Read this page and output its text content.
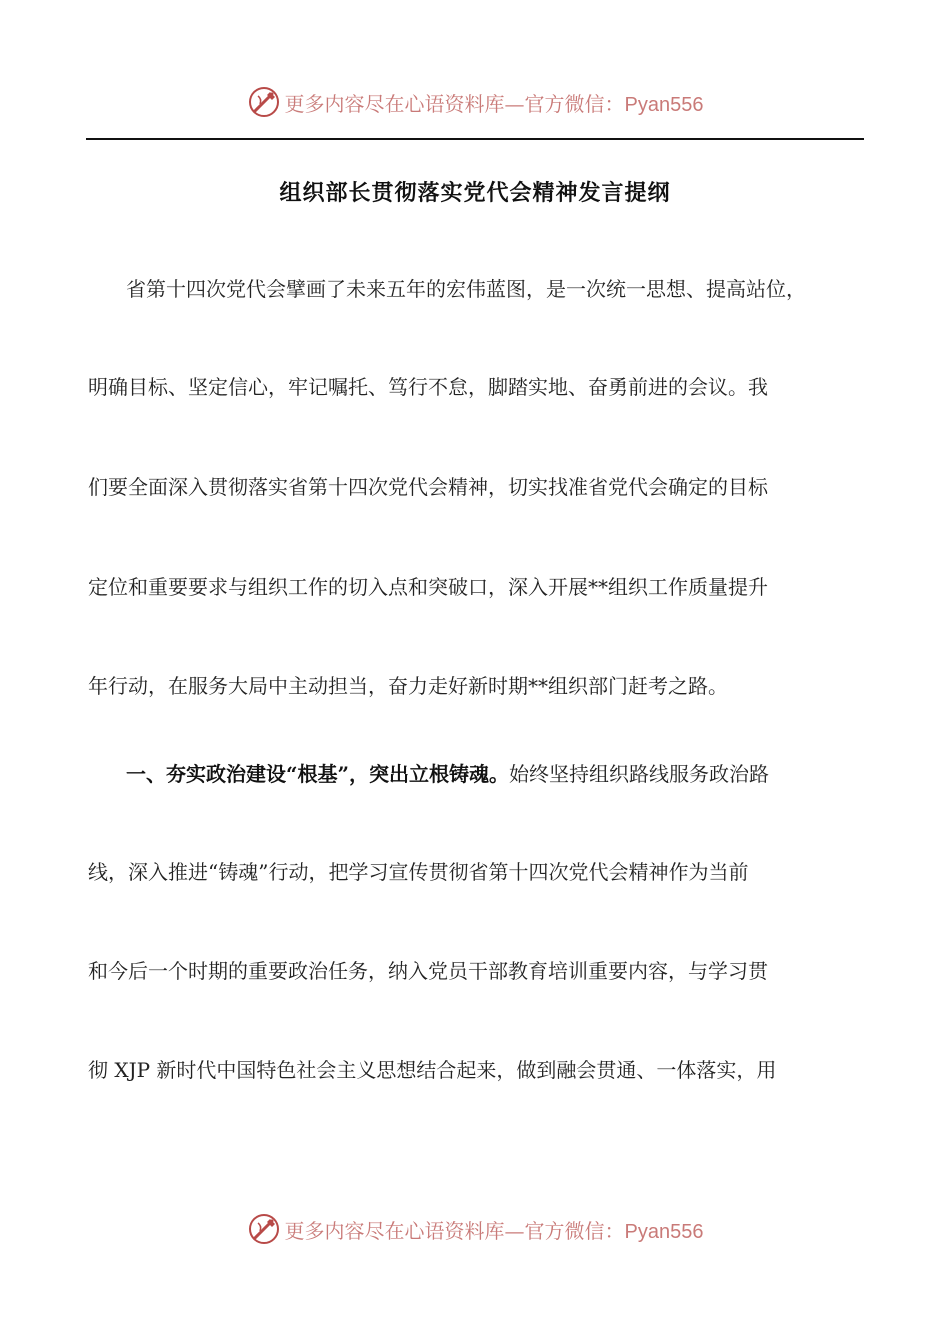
更多内容尽在心语资料库—官方微信：Pyan556
组织部长贯彻落实党代会精神发言提纲
省第十四次党代会擘画了未来五年的宏伟蓝图，是一次统一思想、提高站位，
明确目标、坚定信心，牢记嘱托、笃行不怠，脚踏实地、奋勇前进的会议。我
们要全面深入贯彻落实省第十四次党代会精神，切实找准省党代会确定的目标
定位和重要要求与组织工作的切入点和突破口，深入开展**组织工作质量提升
年行动，在服务大局中主动担当，奋力走好新时期**组织部门赶考之路。
一、夯实政治建设“根基”，突出立根铸魂。始终坚持组织路线服务政治路
线，深入推进“铸魂”行动，把学习宣传贯彻省第十四次党代会精神作为当前
和今后一个时期的重要政治任务，纳入党员干部教育培训重要内容，与学习贯
彻 XJP 新时代中国特色社会主义思想结合起来，做到融会贯通、一体落实，用
更多内容尽在心语资料库—官方微信：Pyan556
